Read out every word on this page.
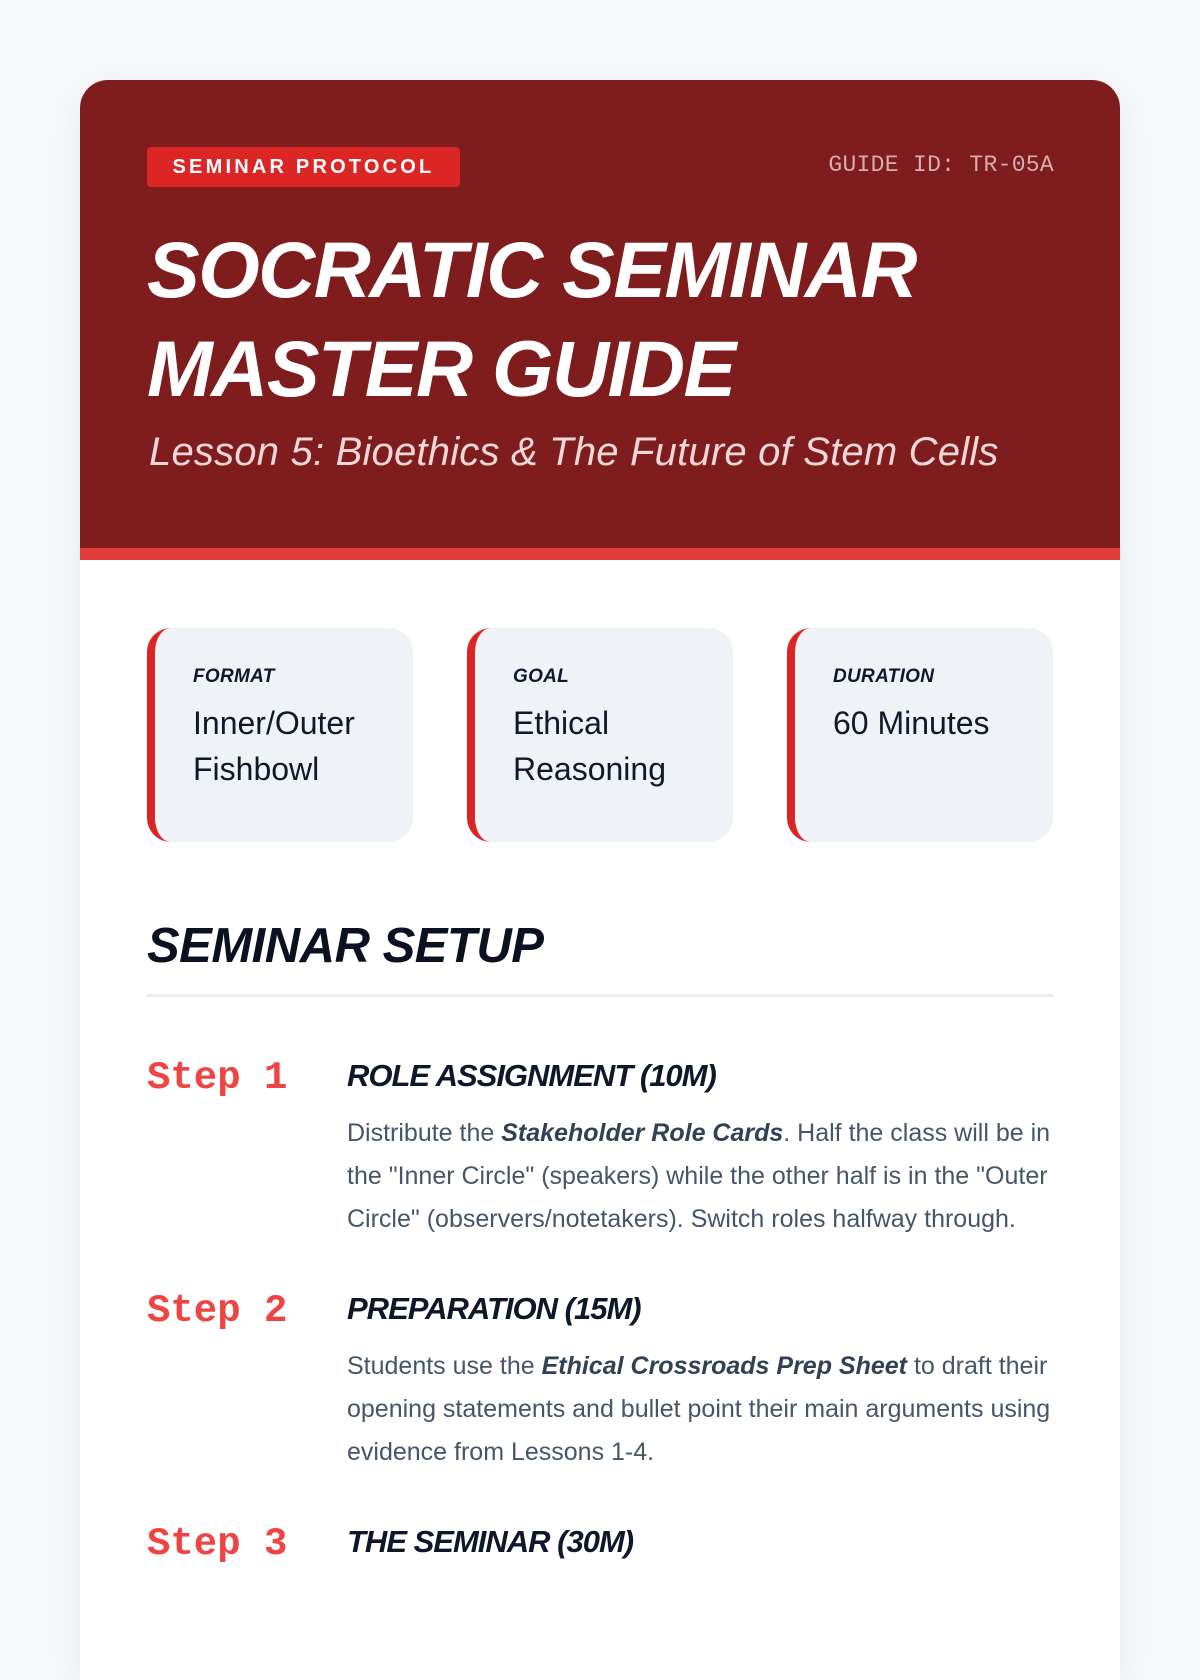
SEMINAR PROTOCOL	GUIDE ID: TR-05A
SOCRATIC SEMINAR MASTER GUIDE
Lesson 5: Bioethics & The Future of Stem Cells
FORMAT
Inner/Outer Fishbowl
GOAL
Ethical Reasoning
DURATION
60 Minutes
SEMINAR SETUP
Step 1 ROLE ASSIGNMENT (10M)

Distribute the Stakeholder Role Cards. Half the class will be in the "Inner Circle" (speakers) while the other half is in the "Outer Circle" (observers/notetakers). Switch roles halfway through.

Step 2 PREPARATION (15M)

Students use the Ethical Crossroads Prep Sheet to draft their opening statements and bullet point their main arguments using evidence from Lessons 1-4.

Step 3 THE SEMINAR (30M)
